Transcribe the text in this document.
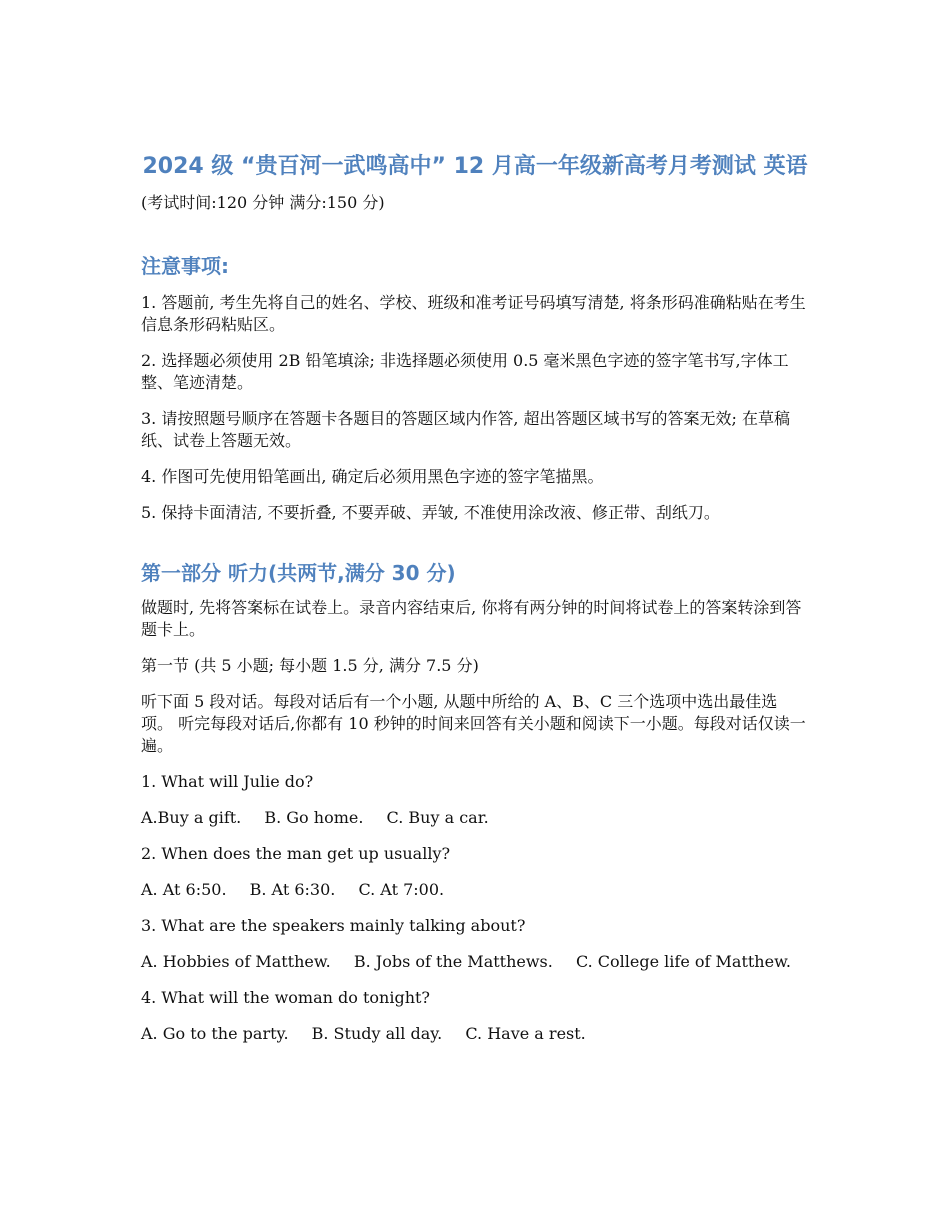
2024 级 “贵百河一武鸣高中” 12 月高一年级新高考月考测试 英语

(考试时间:120 分钟 满分:150 分)

注意事项:

1. 答题前, 考生先将自己的姓名、学校、班级和准考证号码填写清楚, 将条形码准确粘贴在考生信息条形码粘贴区。

2. 选择题必须使用 2B 铅笔填涂; 非选择题必须使用 0.5 毫米黑色字迹的签字笔书写,字体工整、笔迹清楚。

3. 请按照题号顺序在答题卡各题目的答题区域内作答, 超出答题区域书写的答案无效; 在草稿纸、试卷上答题无效。

4. 作图可先使用铅笔画出, 确定后必须用黑色字迹的签字笔描黑。

5. 保持卡面清洁, 不要折叠, 不要弄破、弄皱, 不准使用涂改液、修正带、刮纸刀。

第一部分 听力(共两节,满分 30 分)

做题时, 先将答案标在试卷上。录音内容结束后, 你将有两分钟的时间将试卷上的答案转涂到答题卡上。

第一节 (共 5 小题; 每小题 1.5 分, 满分 7.5 分)

听下面 5 段对话。每段对话后有一个小题, 从题中所给的 A、B、C 三个选项中选出最佳选项。 听完每段对话后,你都有 10 秒钟的时间来回答有关小题和阅读下一小题。每段对话仅读一遍。

1. What will Julie do?

A.Buy a gift. B. Go home. C. Buy a car.

2. When does the man get up usually?

A. At 6:50. B. At 6:30. C. At 7:00.

3. What are the speakers mainly talking about?

A. Hobbies of Matthew. B. Jobs of the Matthews. C. College life of Matthew.

4. What will the woman do tonight?

A. Go to the party. B. Study all day. C. Have a rest.
